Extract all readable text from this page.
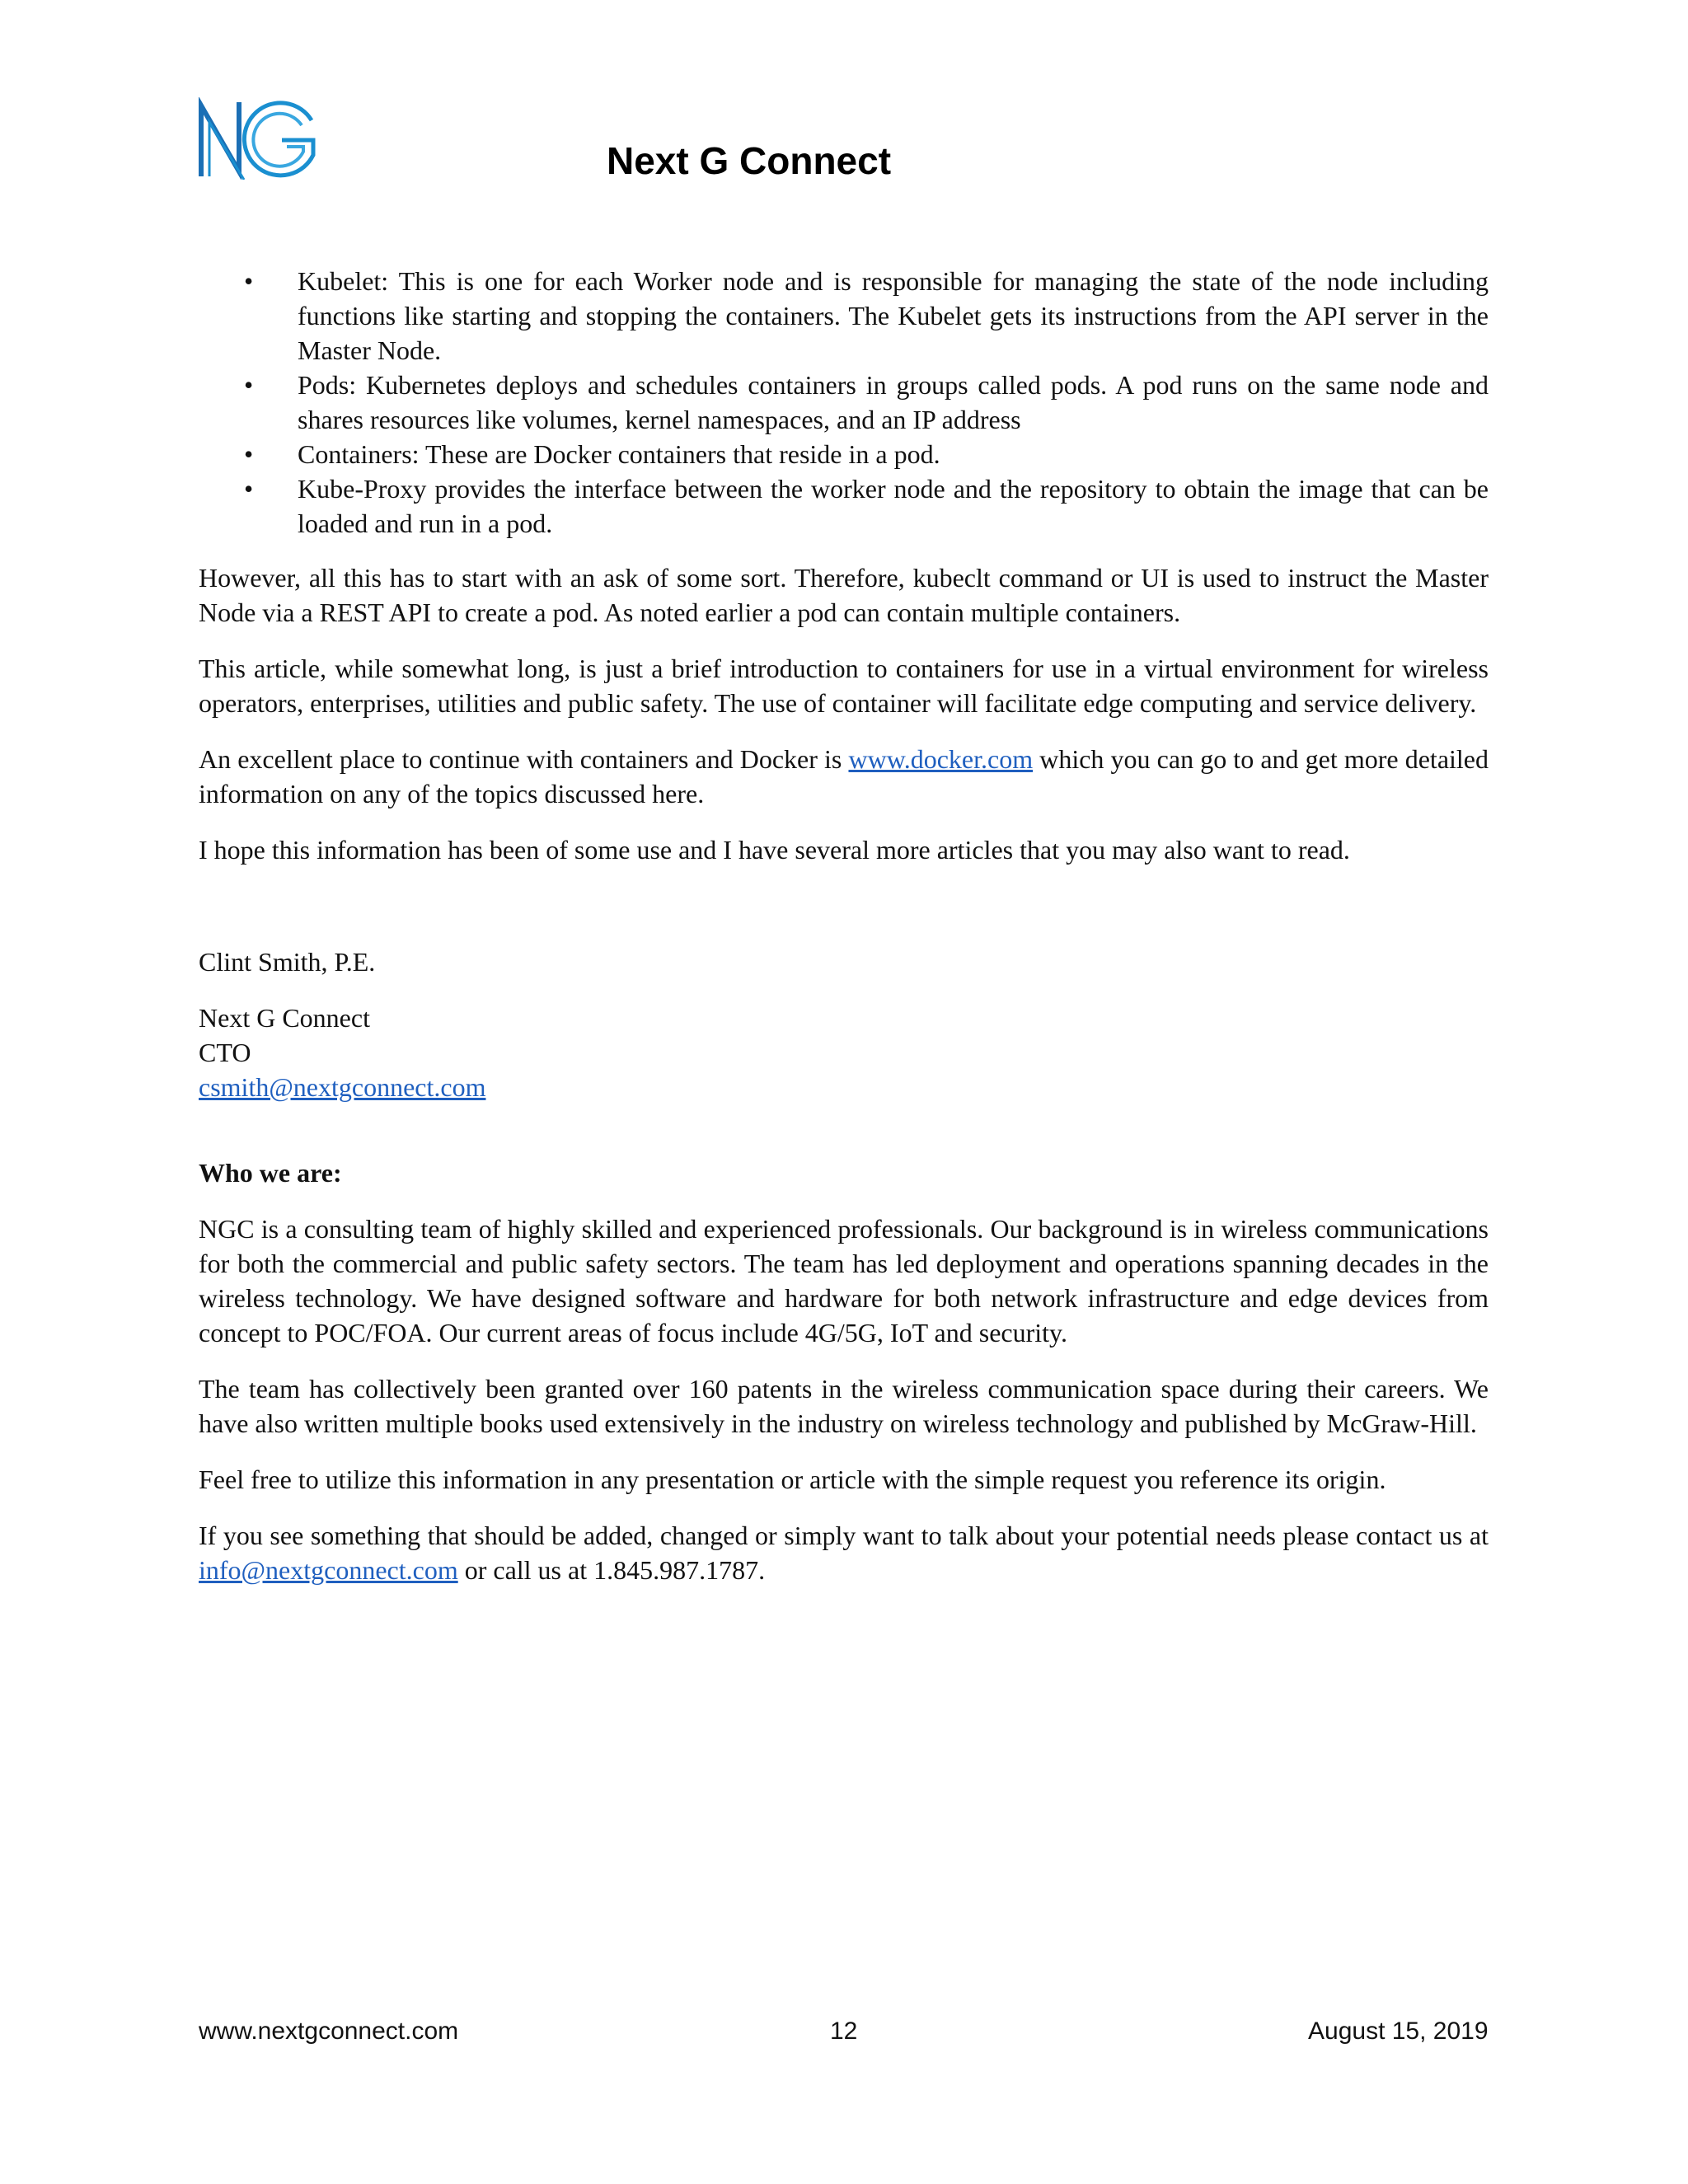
Next G Connect
• Kubelet: This is one for each Worker node and is responsible for managing the state of the node including functions like starting and stopping the containers. The Kubelet gets its instructions from the API server in the Master Node.
• Pods: Kubernetes deploys and schedules containers in groups called pods. A pod runs on the same node and shares resources like volumes, kernel namespaces, and an IP address
• Containers: These are Docker containers that reside in a pod.
• Kube-Proxy provides the interface between the worker node and the repository to obtain the image that can be loaded and run in a pod.

However, all this has to start with an ask of some sort. Therefore, kubeclt command or UI is used to instruct the Master Node via a REST API to create a pod. As noted earlier a pod can contain multiple containers.

This article, while somewhat long, is just a brief introduction to containers for use in a virtual environment for wireless operators, enterprises, utilities and public safety. The use of container will facilitate edge computing and service delivery.

An excellent place to continue with containers and Docker is www.docker.com which you can go to and get more detailed information on any of the topics discussed here.

I hope this information has been of some use and I have several more articles that you may also want to read.

Clint Smith, P.E.

Next G Connect
CTO
csmith@nextgconnect.com
Who we are:

NGC is a consulting team of highly skilled and experienced professionals. Our background is in wireless communications for both the commercial and public safety sectors. The team has led deployment and operations spanning decades in the wireless technology. We have designed software and hardware for both network infrastructure and edge devices from concept to POC/FOA. Our current areas of focus include 4G/5G, IoT and security.

The team has collectively been granted over 160 patents in the wireless communication space during their careers. We have also written multiple books used extensively in the industry on wireless technology and published by McGraw-Hill.

Feel free to utilize this information in any presentation or article with the simple request you reference its origin.

If you see something that should be added, changed or simply want to talk about your potential needs please contact us at info@nextgconnect.com or call us at 1.845.987.1787.

www.nextgconnect.com	12	August 15, 2019
